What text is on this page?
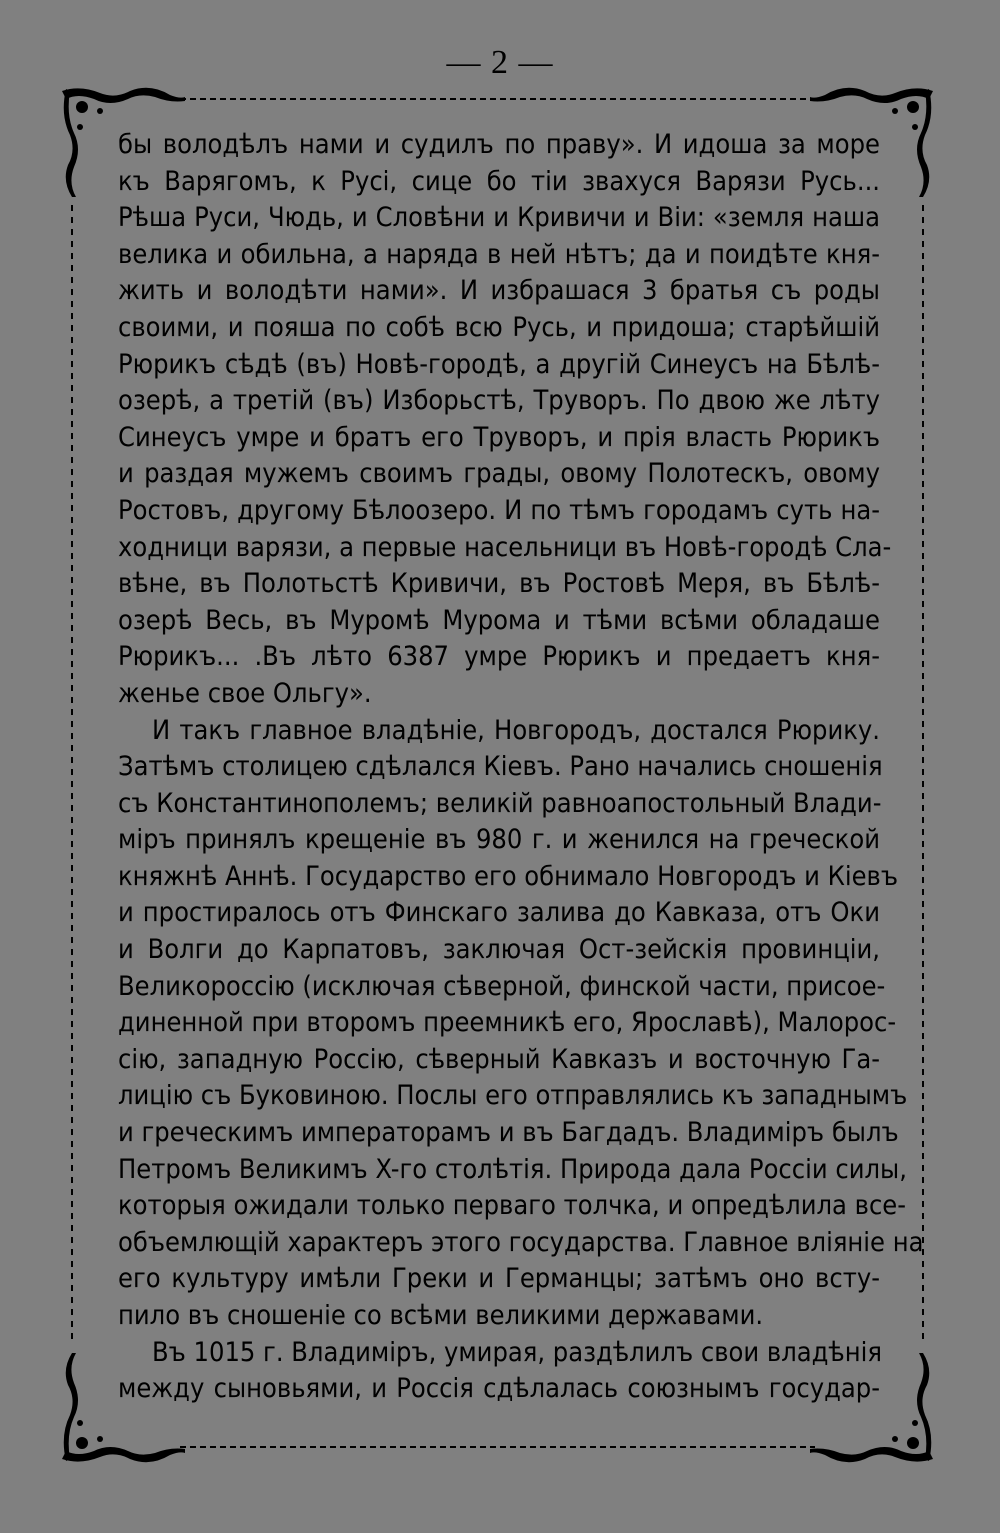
— 2 —
бы володѣлъ нами и судилъ по праву». И идоша за море
къ Варягомъ, к Русі, сице бо тіи звахуся Варязи Русь...
Рѣша Руси, Чюдь, и Словѣни и Кривичи и Віи: «земля наша
велика и обильна, а наряда в ней нѣтъ; да и поидѣте кня-
жить и володѣти нами». И избрашася 3 братья съ роды
своими, и пояша по собѣ всю Русь, и придоша; старѣйшій
Рюрикъ сѣдѣ (въ) Новѣ-городѣ, а другій Синеусъ на Бѣлѣ-
озерѣ, а третій (въ) Изборьстѣ, Труворъ. По двою же лѣту
Синеусъ умре и братъ его Труворъ, и прія власть Рюрикъ
и раздая мужемъ своимъ грады, овому Полотескъ, овому
Ростовъ, другому Бѣлоозеро. И по тѣмъ городамъ суть на-
ходници варязи, а первые насельници въ Новѣ-городѣ Сла-
вѣне, въ Полотьстѣ Кривичи, въ Ростовѣ Меря, въ Бѣлѣ-
озерѣ Весь, въ Муромѣ Мурома и тѣми всѣми обладаше
Рюрикъ... .Въ лѣто 6387 умре Рюрикъ и предаетъ кня-
женье свое Ольгу».
И такъ главное владѣніе, Новгородъ, достался Рюрику.
Затѣмъ столицею сдѣлался Кіевъ. Рано начались сношенія
съ Константинополемъ; великій равноапостольный Влади-
міръ принялъ крещеніе въ 980 г. и женился на греческой
княжнѣ Аннѣ. Государство его обнимало Новгородъ и Кіевъ
и простиралось отъ Финскаго залива до Кавказа, отъ Оки
и Волги до Карпатовъ, заключая Ост-зейскія провинціи,
Великороссію (исключая сѣверной, финской части, присое-
диненной при второмъ преемникѣ его, Ярославѣ), Малорос-
сію, западную Россію, сѣверный Кавказъ и восточную Га-
лицію съ Буковиною. Послы его отправлялись къ западнымъ
и греческимъ императорамъ и въ Багдадъ. Владиміръ былъ
Петромъ Великимъ X-го столѣтія. Природа дала Россіи силы,
которыя ожидали только перваго толчка, и опредѣлила все-
объемлющій характеръ этого государства. Главное вліяніе на
его культуру имѣли Греки и Германцы; затѣмъ оно всту-
пило въ сношеніе со всѣми великими державами.
Въ 1015 г. Владиміръ, умирая, раздѣлилъ свои владѣнія
между сыновьями, и Россія сдѣлалась союзнымъ государ-
